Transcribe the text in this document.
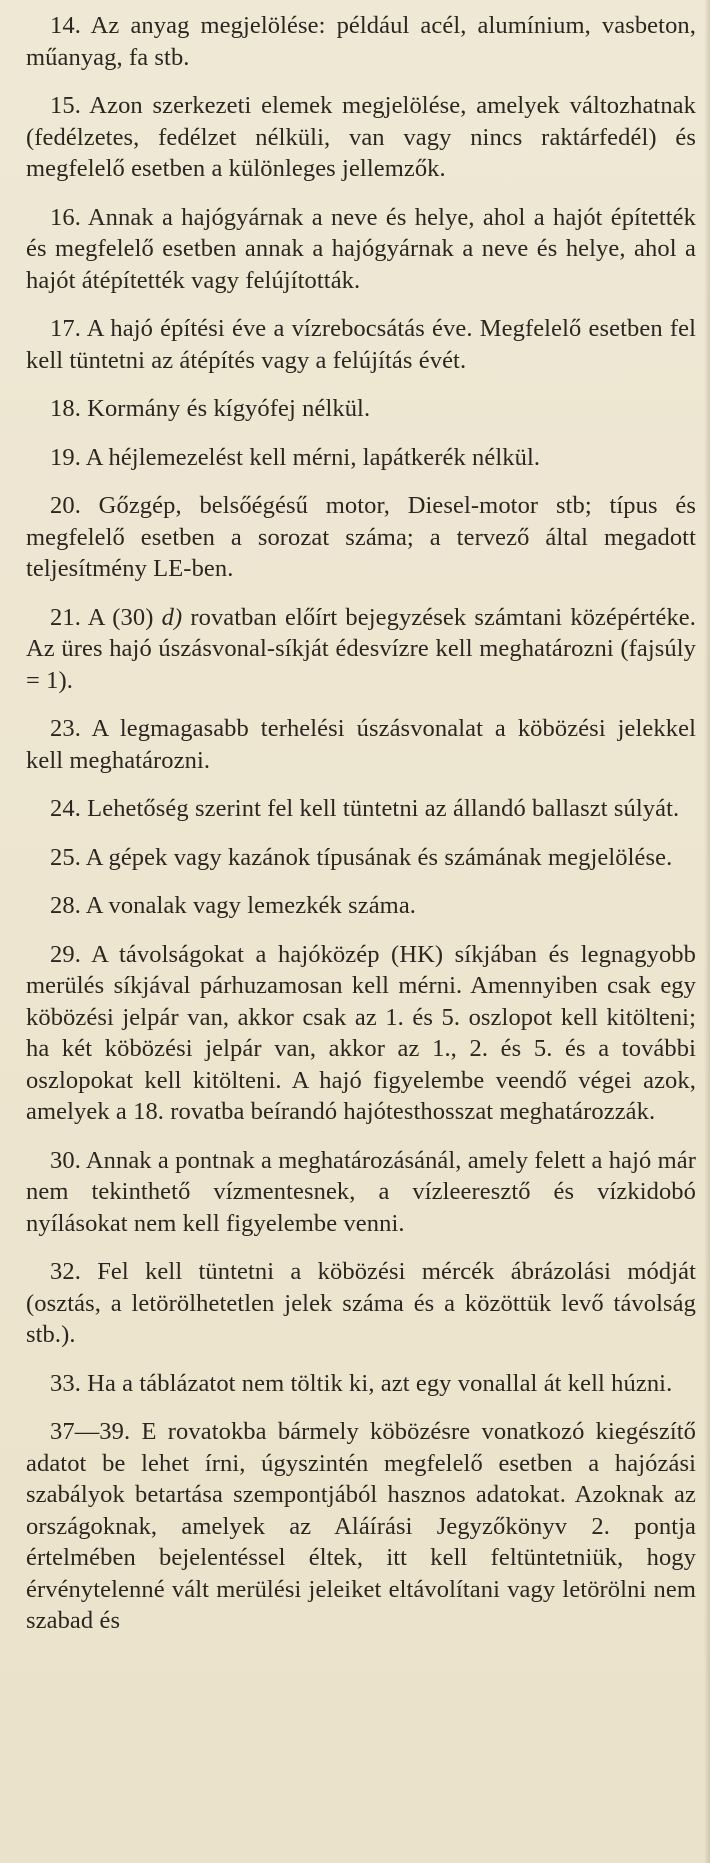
14. Az anyag megjelölése: például acél, alumínium, vasbeton, műanyag, fa stb.

15. Azon szerkezeti elemek megjelölése, amelyek változhatnak (fedélzetes, fedélzet nélküli, van vagy nincs raktárfedél) és megfelelő esetben a különleges jellemzők.

16. Annak a hajógyárnak a neve és helye, ahol a hajót építették és megfelelő esetben annak a hajógyárnak a neve és helye, ahol a hajót átépítették vagy felújították.

17. A hajó építési éve a vízrebocsátás éve. Megfelelő esetben fel kell tüntetni az átépítés vagy a felújítás évét.

18. Kormány és kígyófej nélkül.

19. A héjlemezelést kell mérni, lapátkerék nélkül.

20. Gőzgép, belsőégésű motor, Diesel-motor stb; típus és megfelelő esetben a sorozat száma; a tervező által megadott teljesítmény LE-ben.

21. A (30) d) rovatban előírt bejegyzések számtani középértéke. Az üres hajó úszásvonal-síkját édesvízre kell meghatározni (fajsúly = 1).

23. A legmagasabb terhelési úszásvonalat a köbözési jelekkel kell meghatározni.

24. Lehetőség szerint fel kell tüntetni az állandó ballaszt súlyát.

25. A gépek vagy kazánok típusának és számának megjelölése.

28. A vonalak vagy lemezkék száma.

29. A távolságokat a hajóközép (HK) síkjában és legnagyobb merülés síkjával párhuzamosan kell mérni. Amennyiben csak egy köbözési jelpár van, akkor csak az 1. és 5. oszlopot kell kitölteni; ha két köbözési jelpár van, akkor az 1., 2. és 5. és a további oszlopokat kell kitölteni. A hajó figyelembe veendő végei azok, amelyek a 18. rovatba beírandó hajótesthosszat meghatározzák.

30. Annak a pontnak a meghatározásánál, amely felett a hajó már nem tekinthető vízmentesnek, a vízleeresztő és vízkidobó nyílásokat nem kell figyelembe venni.

32. Fel kell tüntetni a köbözési mércék ábrázolási módját (osztás, a letörölhetetlen jelek száma és a közöttük levő távolság stb.).

33. Ha a táblázatot nem töltik ki, azt egy vonallal át kell húzni.

37—39. E rovatokba bármely köbözésre vonatkozó kiegészítő adatot be lehet írni, úgyszintén megfelelő esetben a hajózási szabályok betartása szempontjából hasznos adatokat. Azoknak az országoknak, amelyek az Aláírási Jegyzőkönyv 2. pontja értelmében bejelentéssel éltek, itt kell feltüntetniük, hogy érvénytelenné vált merülési jeleiket eltávolítani vagy letörölni nem szabad és
